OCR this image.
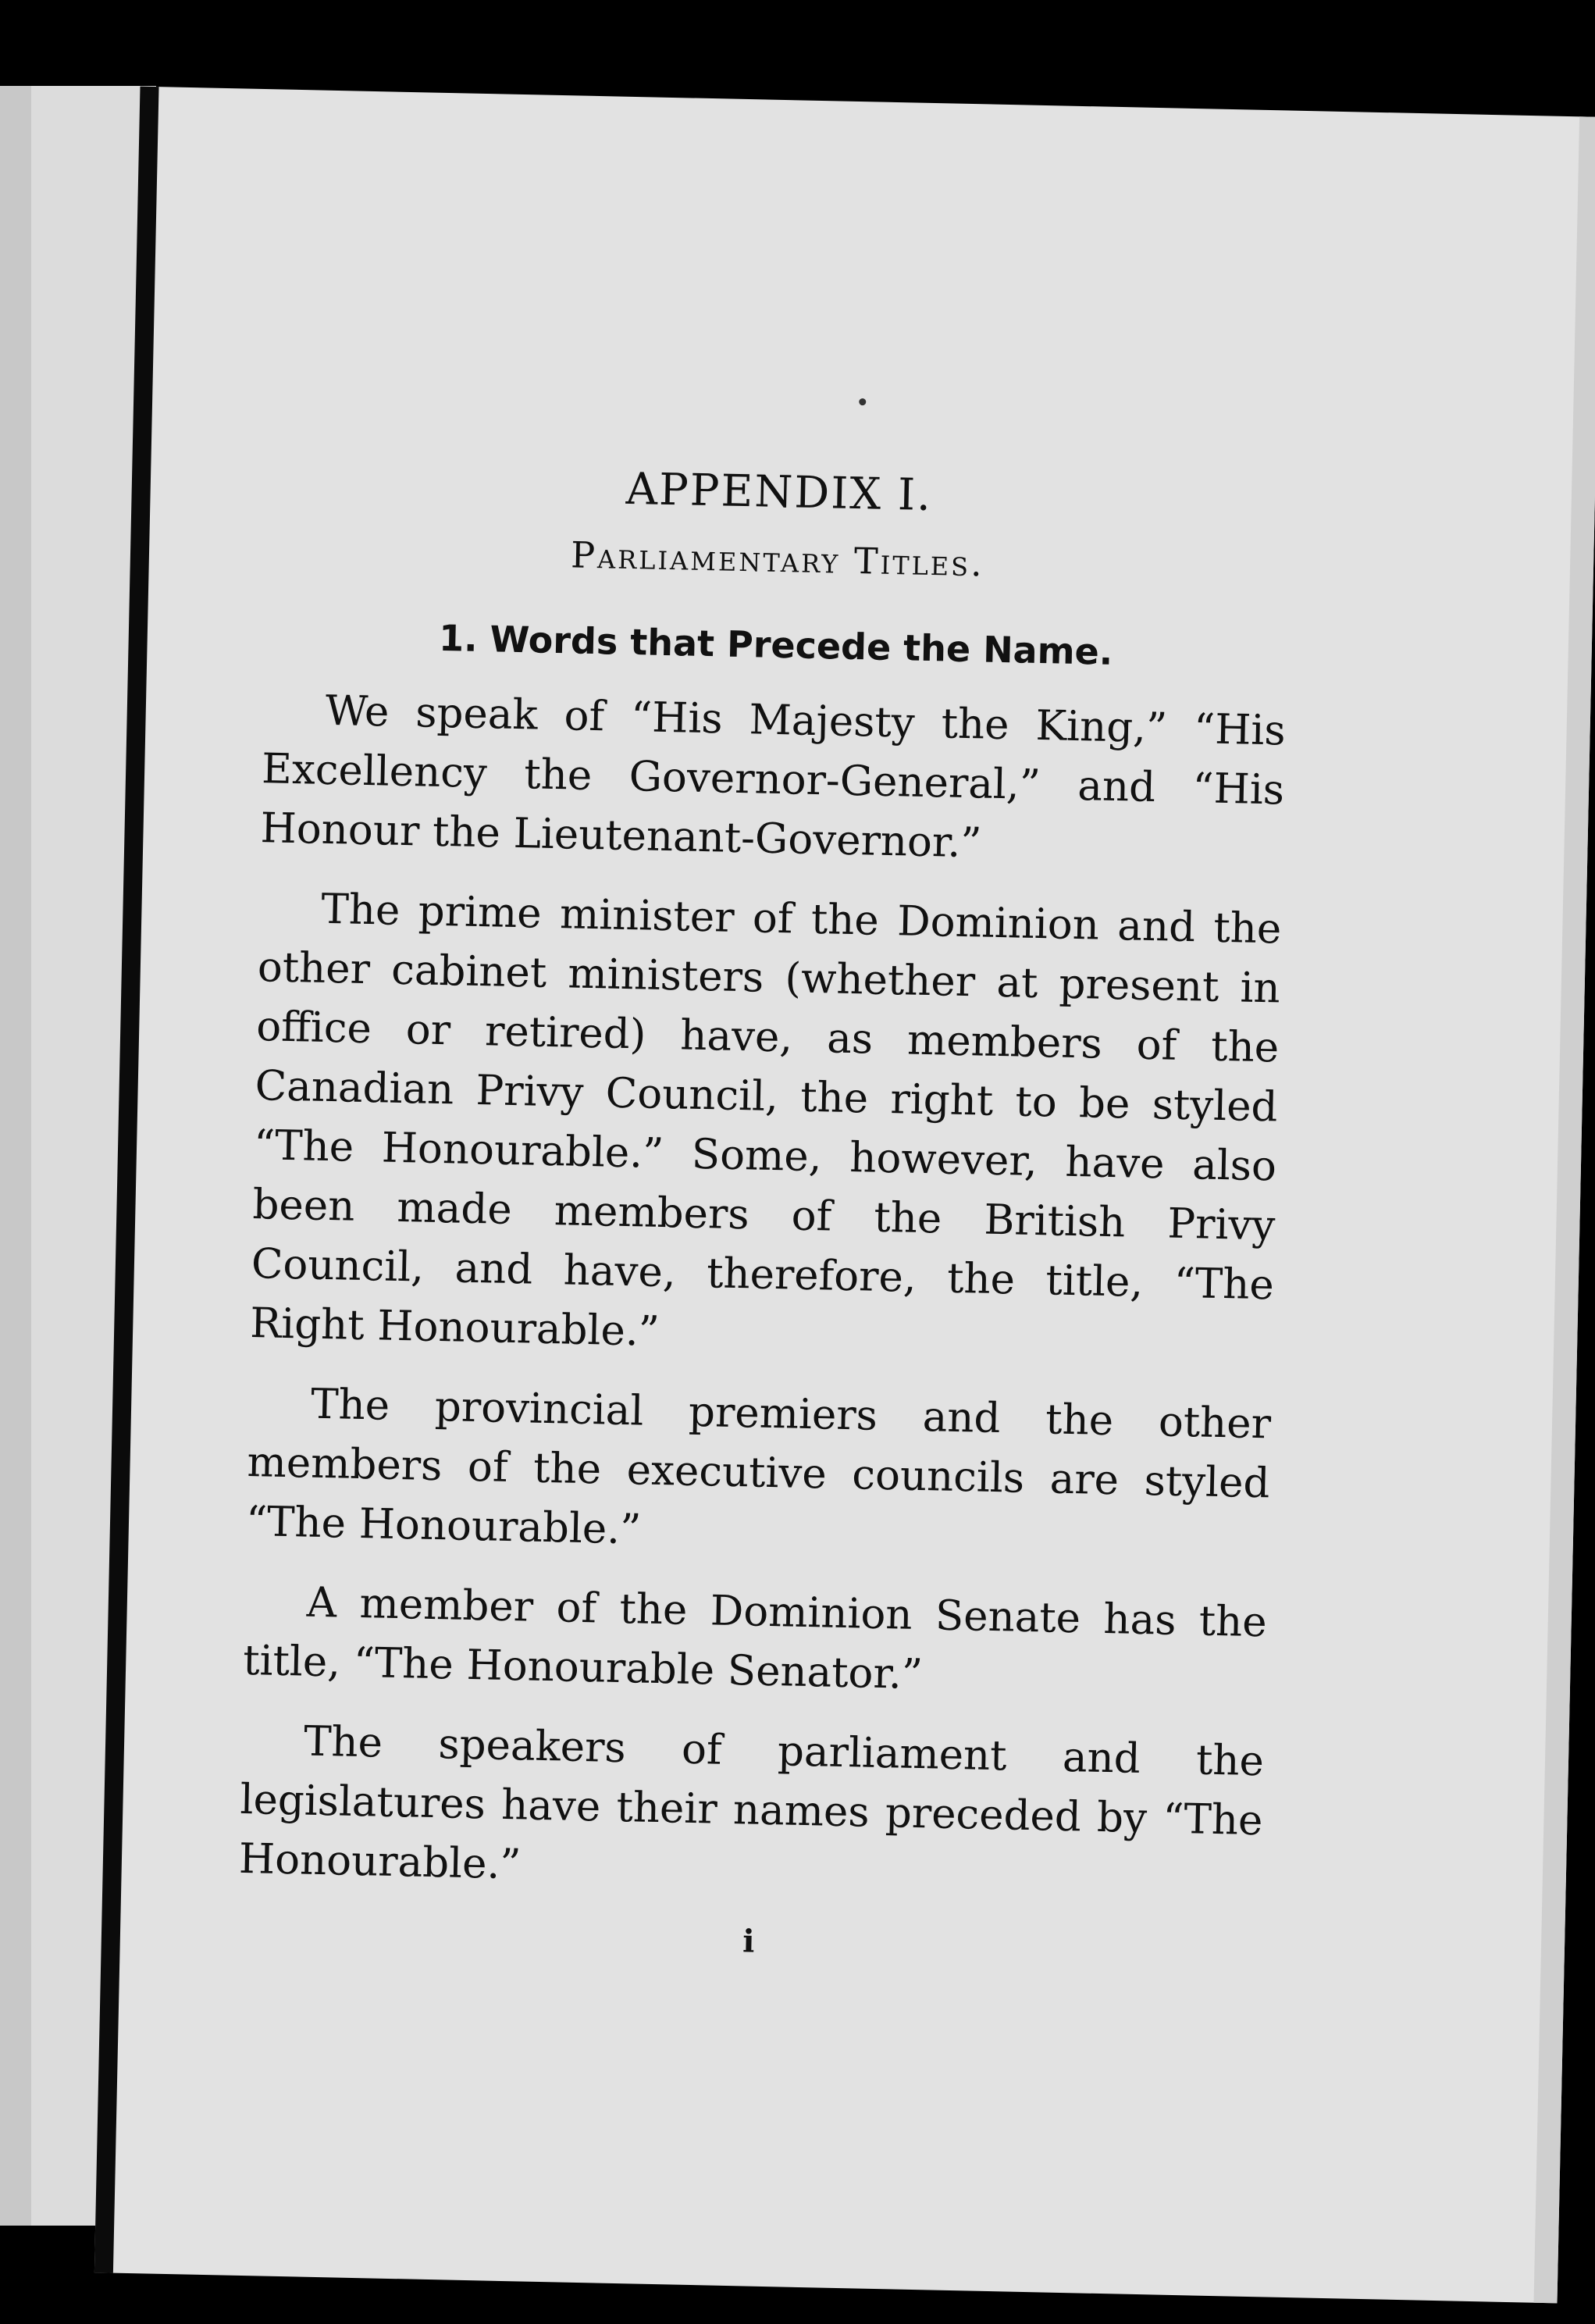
APPENDIX I.
Parliamentary Titles.
1. Words that Precede the Name.

We speak of “His Majesty the King,” “His Excellency the Governor-General,” and “His Honour the Lieutenant-Governor.”

The prime minister of the Dominion and the other cabinet ministers (whether at present in office or retired) have, as members of the Canadian Privy Council, the right to be styled “The Honourable.” Some, however, have also been made members of the British Privy Council, and have, therefore, the title, “The Right Honourable.”

The provincial premiers and the other members of the executive councils are styled “The Honourable.”

A member of the Dominion Senate has the title, “The Honourable Senator.”

The speakers of parliament and the legislatures have their names preceded by “The Honourable.”

i
